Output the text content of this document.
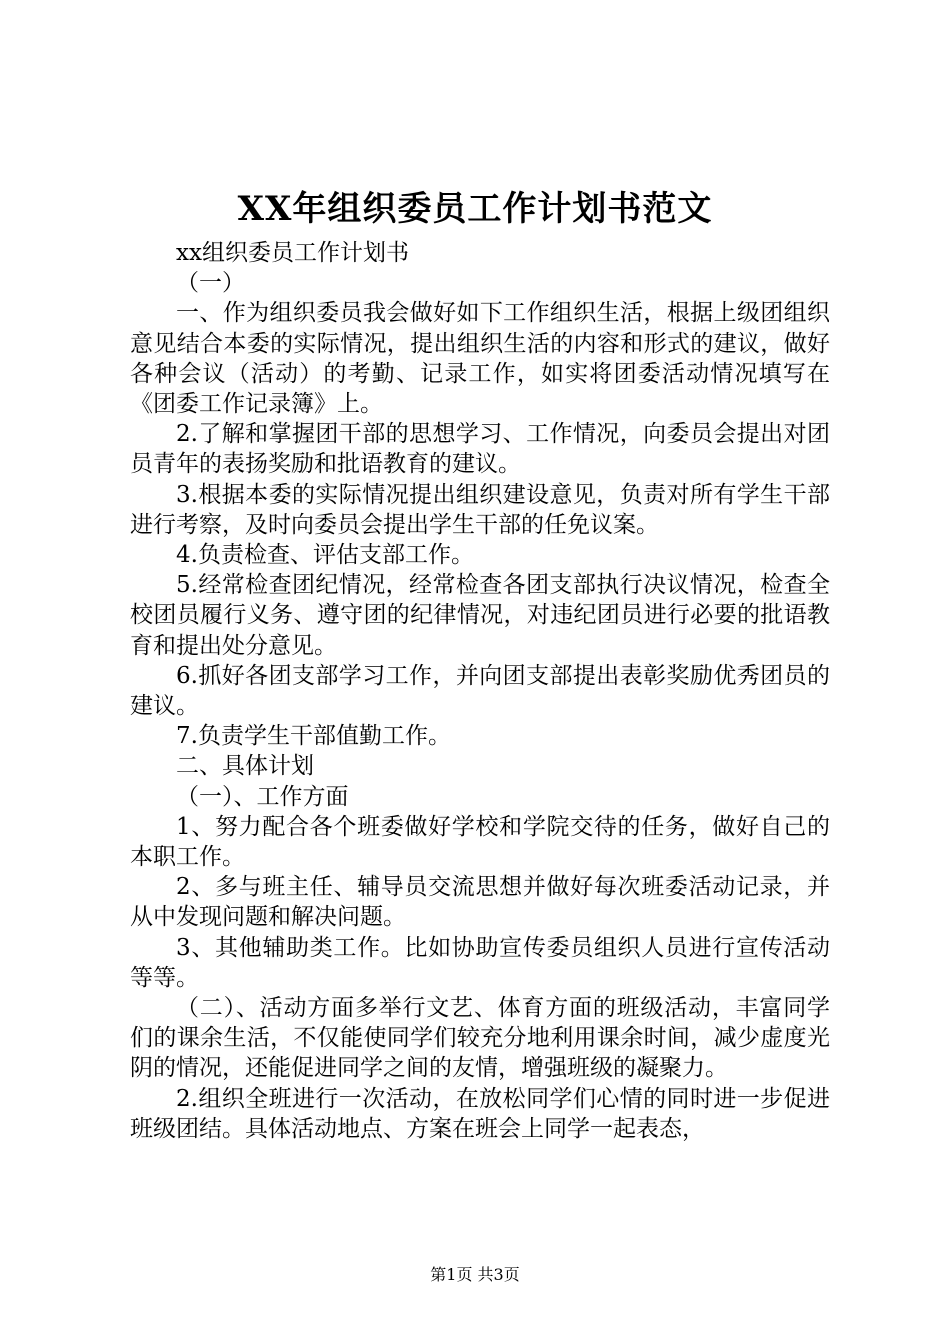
XX年组织委员工作计划书范文

xx组织委员工作计划书

（一）

一、作为组织委员我会做好如下工作组织生活，根据上级团组织意见结合本委的实际情况，提出组织生活的内容和形式的建议，做好各种会议（活动）的考勤、记录工作，如实将团委活动情况填写在《团委工作记录簿》上。

2.了解和掌握团干部的思想学习、工作情况，向委员会提出对团员青年的表扬奖励和批语教育的建议。

3.根据本委的实际情况提出组织建设意见，负责对所有学生干部进行考察，及时向委员会提出学生干部的任免议案。

4.负责检查、评估支部工作。

5.经常检查团纪情况，经常检查各团支部执行决议情况，检查全校团员履行义务、遵守团的纪律情况，对违纪团员进行必要的批语教育和提出处分意见。

6.抓好各团支部学习工作，并向团支部提出表彰奖励优秀团员的建议。

7.负责学生干部值勤工作。

二、具体计划

（一）、工作方面

1、努力配合各个班委做好学校和学院交待的任务，做好自己的本职工作。

2、多与班主任、辅导员交流思想并做好每次班委活动记录，并从中发现问题和解决问题。

3、其他辅助类工作。比如协助宣传委员组织人员进行宣传活动等等。

（二）、活动方面多举行文艺、体育方面的班级活动，丰富同学们的课余生活，不仅能使同学们较充分地利用课余时间，减少虚度光阴的情况，还能促进同学之间的友情，增强班级的凝聚力。

2.组织全班进行一次活动，在放松同学们心情的同时进一步促进班级团结。具体活动地点、方案在班会上同学一起表态，

第1页 共3页
